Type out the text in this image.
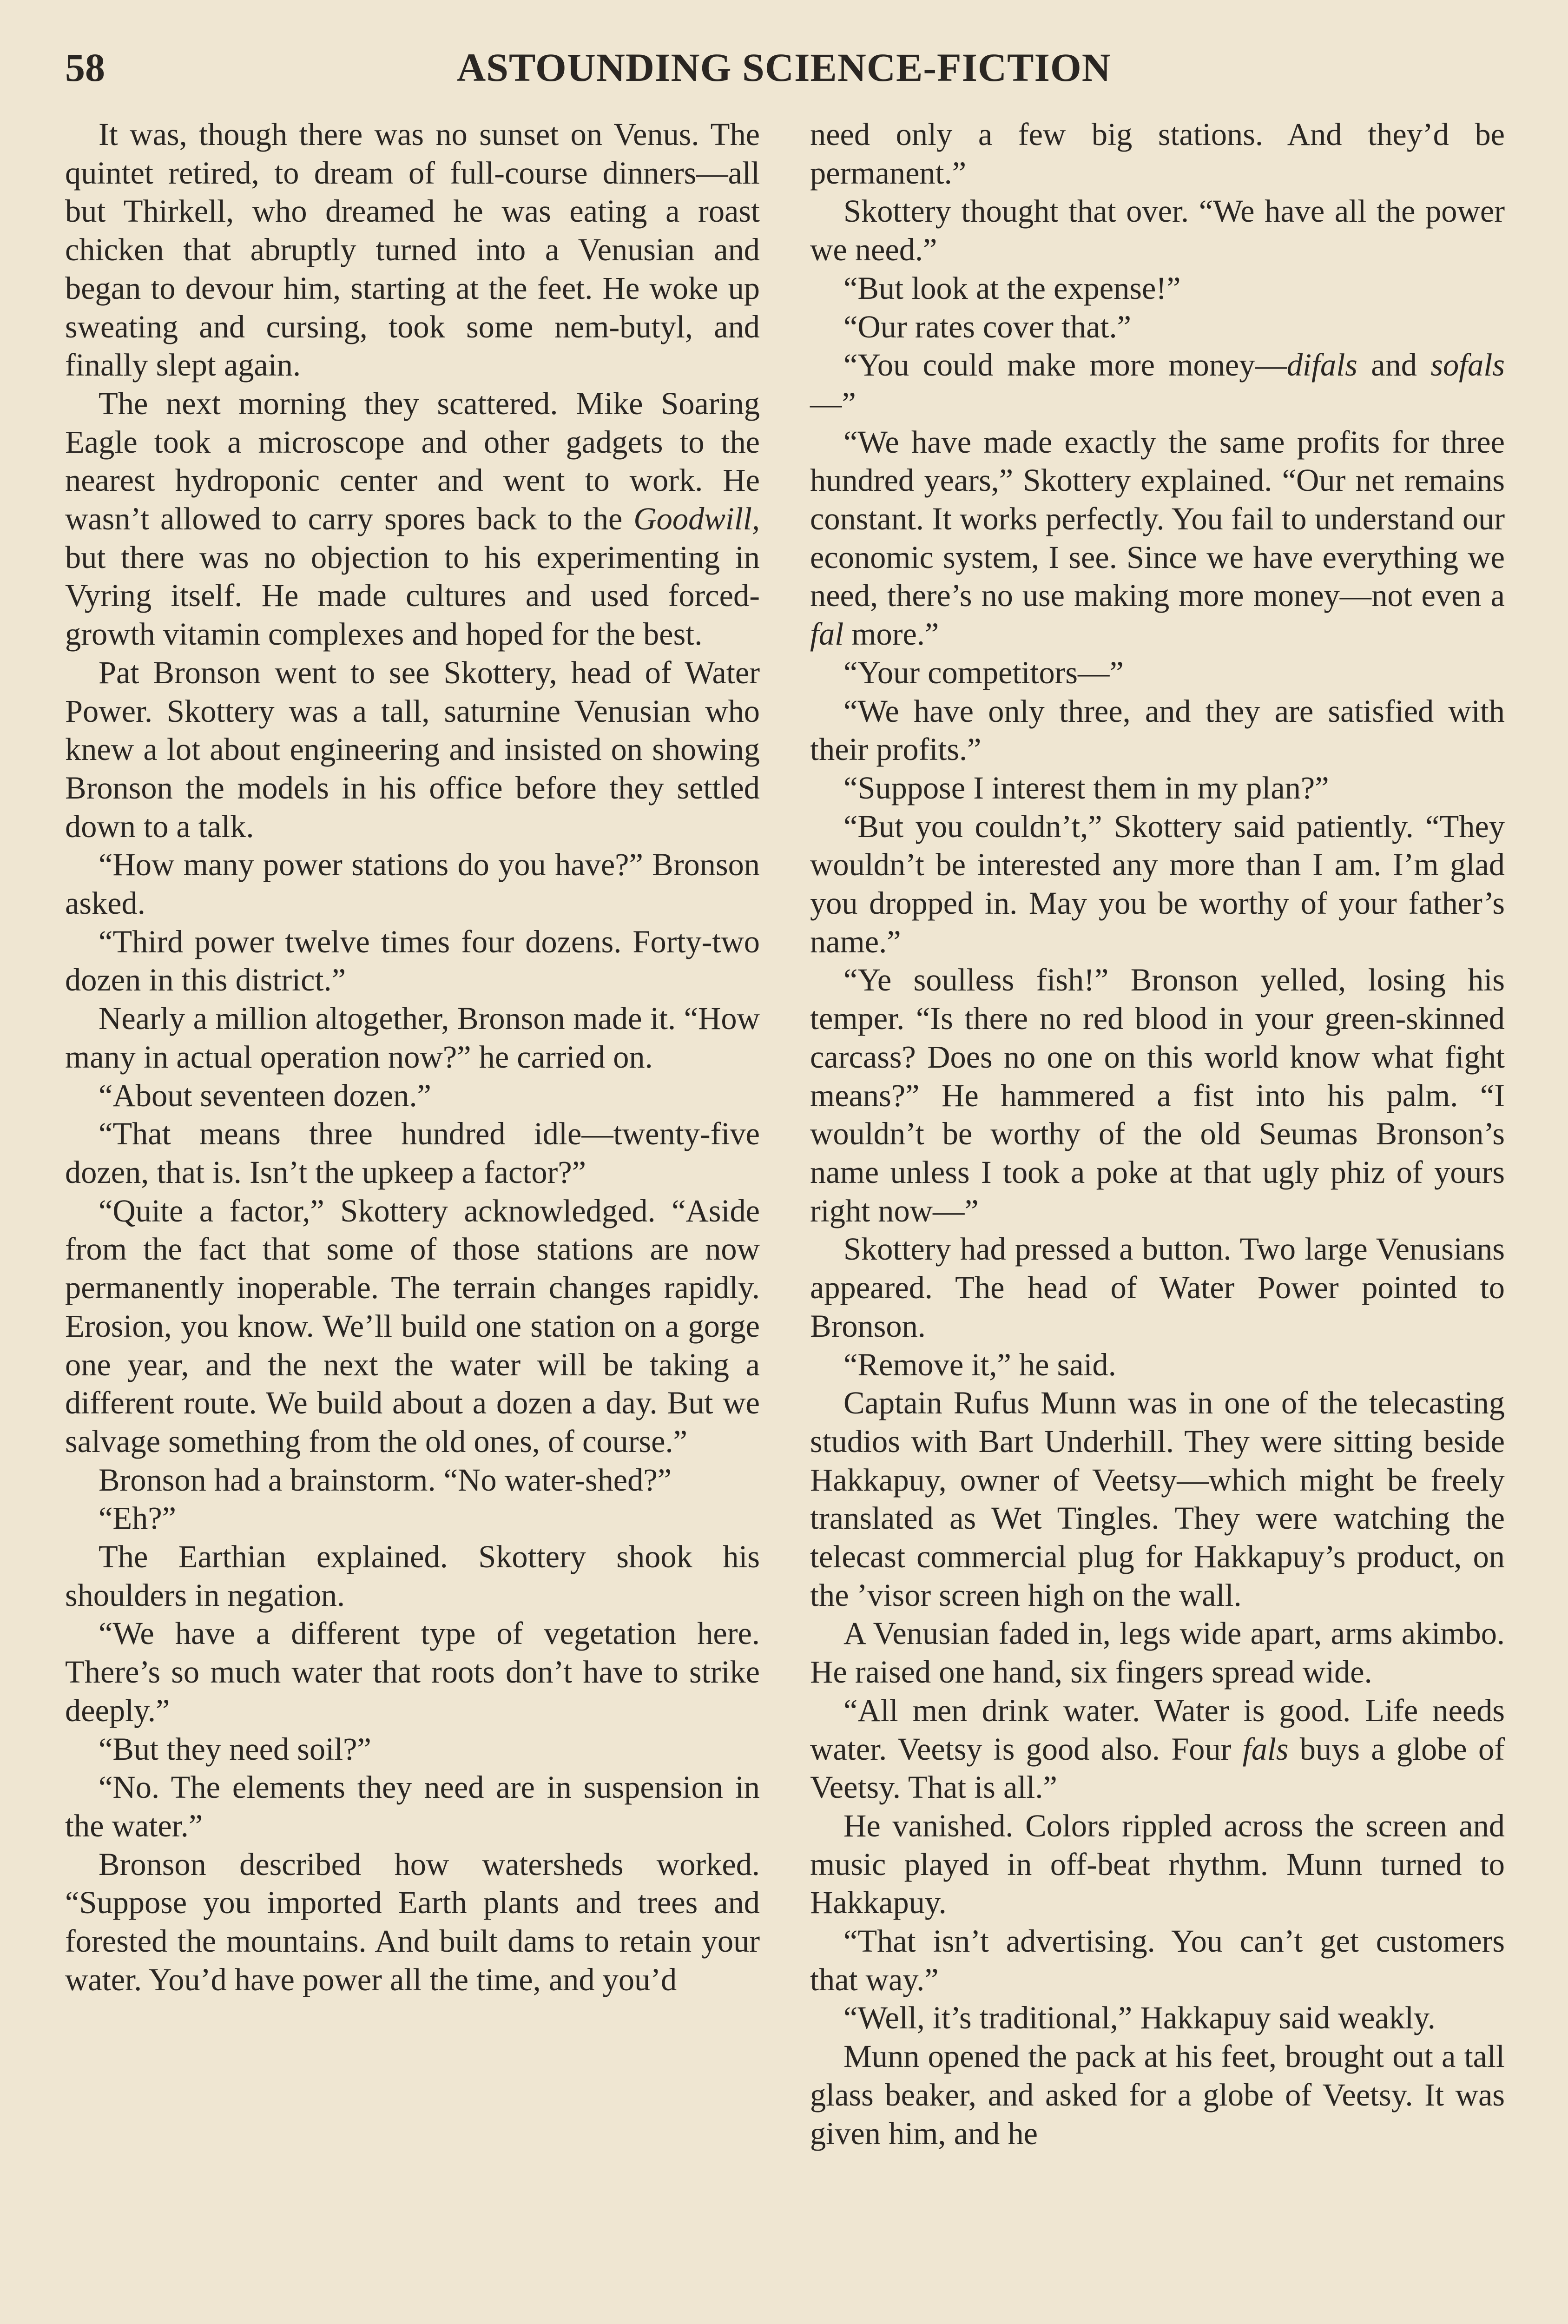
58	ASTOUNDING SCIENCE-FICTION

It was, though there was no sunset on Venus. The quintet retired, to dream of full-course dinners—all but Thirkell, who dreamed he was eating a roast chicken that abruptly turned into a Venusian and began to devour him, starting at the feet. He woke up sweating and cursing, took some nem-butyl, and finally slept again.

The next morning they scattered. Mike Soaring Eagle took a microscope and other gadgets to the nearest hydroponic center and went to work. He wasn’t allowed to carry spores back to the Goodwill, but there was no objection to his experimenting in Vyring itself. He made cultures and used forced-growth vitamin complexes and hoped for the best.

Pat Bronson went to see Skottery, head of Water Power. Skottery was a tall, saturnine Venusian who knew a lot about engineering and insisted on showing Bronson the models in his office before they settled down to a talk.

“How many power stations do you have?” Bronson asked.

“Third power twelve times four dozens. Forty-two dozen in this district.”

Nearly a million altogether, Bronson made it. “How many in actual operation now?” he carried on.

“About seventeen dozen.”

“That means three hundred idle—twenty-five dozen, that is. Isn’t the upkeep a factor?”

“Quite a factor,” Skottery acknowledged. “Aside from the fact that some of those stations are now permanently inoperable. The terrain changes rapidly. Erosion, you know. We’ll build one station on a gorge one year, and the next the water will be taking a different route. We build about a dozen a day. But we salvage something from the old ones, of course.”

Bronson had a brainstorm. “No water-shed?”

“Eh?”

The Earthian explained. Skottery shook his shoulders in negation.

“We have a different type of vegetation here. There’s so much water that roots don’t have to strike deeply.”

“But they need soil?”

“No. The elements they need are in suspension in the water.”

Bronson described how watersheds worked. “Suppose you imported Earth plants and trees and forested the mountains. And built dams to retain your water. You’d have power all the time, and you’d

need only a few big stations. And they’d be permanent.”

Skottery thought that over. “We have all the power we need.”

“But look at the expense!”

“Our rates cover that.”

“You could make more money—difals and sofals—”

“We have made exactly the same profits for three hundred years,” Skottery explained. “Our net remains constant. It works perfectly. You fail to understand our economic system, I see. Since we have everything we need, there’s no use making more money—not even a fal more.”

“Your competitors—”

“We have only three, and they are satisfied with their profits.”

“Suppose I interest them in my plan?”

“But you couldn’t,” Skottery said patiently. “They wouldn’t be interested any more than I am. I’m glad you dropped in. May you be worthy of your father’s name.”

“Ye soulless fish!” Bronson yelled, losing his temper. “Is there no red blood in your green-skinned carcass? Does no one on this world know what fight means?” He hammered a fist into his palm. “I wouldn’t be worthy of the old Seumas Bronson’s name unless I took a poke at that ugly phiz of yours right now—”

Skottery had pressed a button. Two large Venusians appeared. The head of Water Power pointed to Bronson.

“Remove it,” he said.

Captain Rufus Munn was in one of the telecasting studios with Bart Underhill. They were sitting beside Hakkapuy, owner of Veetsy—which might be freely translated as Wet Tingles. They were watching the telecast commercial plug for Hakkapuy’s product, on the ’visor screen high on the wall.

A Venusian faded in, legs wide apart, arms akimbo. He raised one hand, six fingers spread wide.

“All men drink water. Water is good. Life needs water. Veetsy is good also. Four fals buys a globe of Veetsy. That is all.”

He vanished. Colors rippled across the screen and music played in off-beat rhythm. Munn turned to Hakkapuy.

“That isn’t advertising. You can’t get customers that way.”

“Well, it’s traditional,” Hakkapuy said weakly.

Munn opened the pack at his feet, brought out a tall glass beaker, and asked for a globe of Veetsy. It was given him, and he
